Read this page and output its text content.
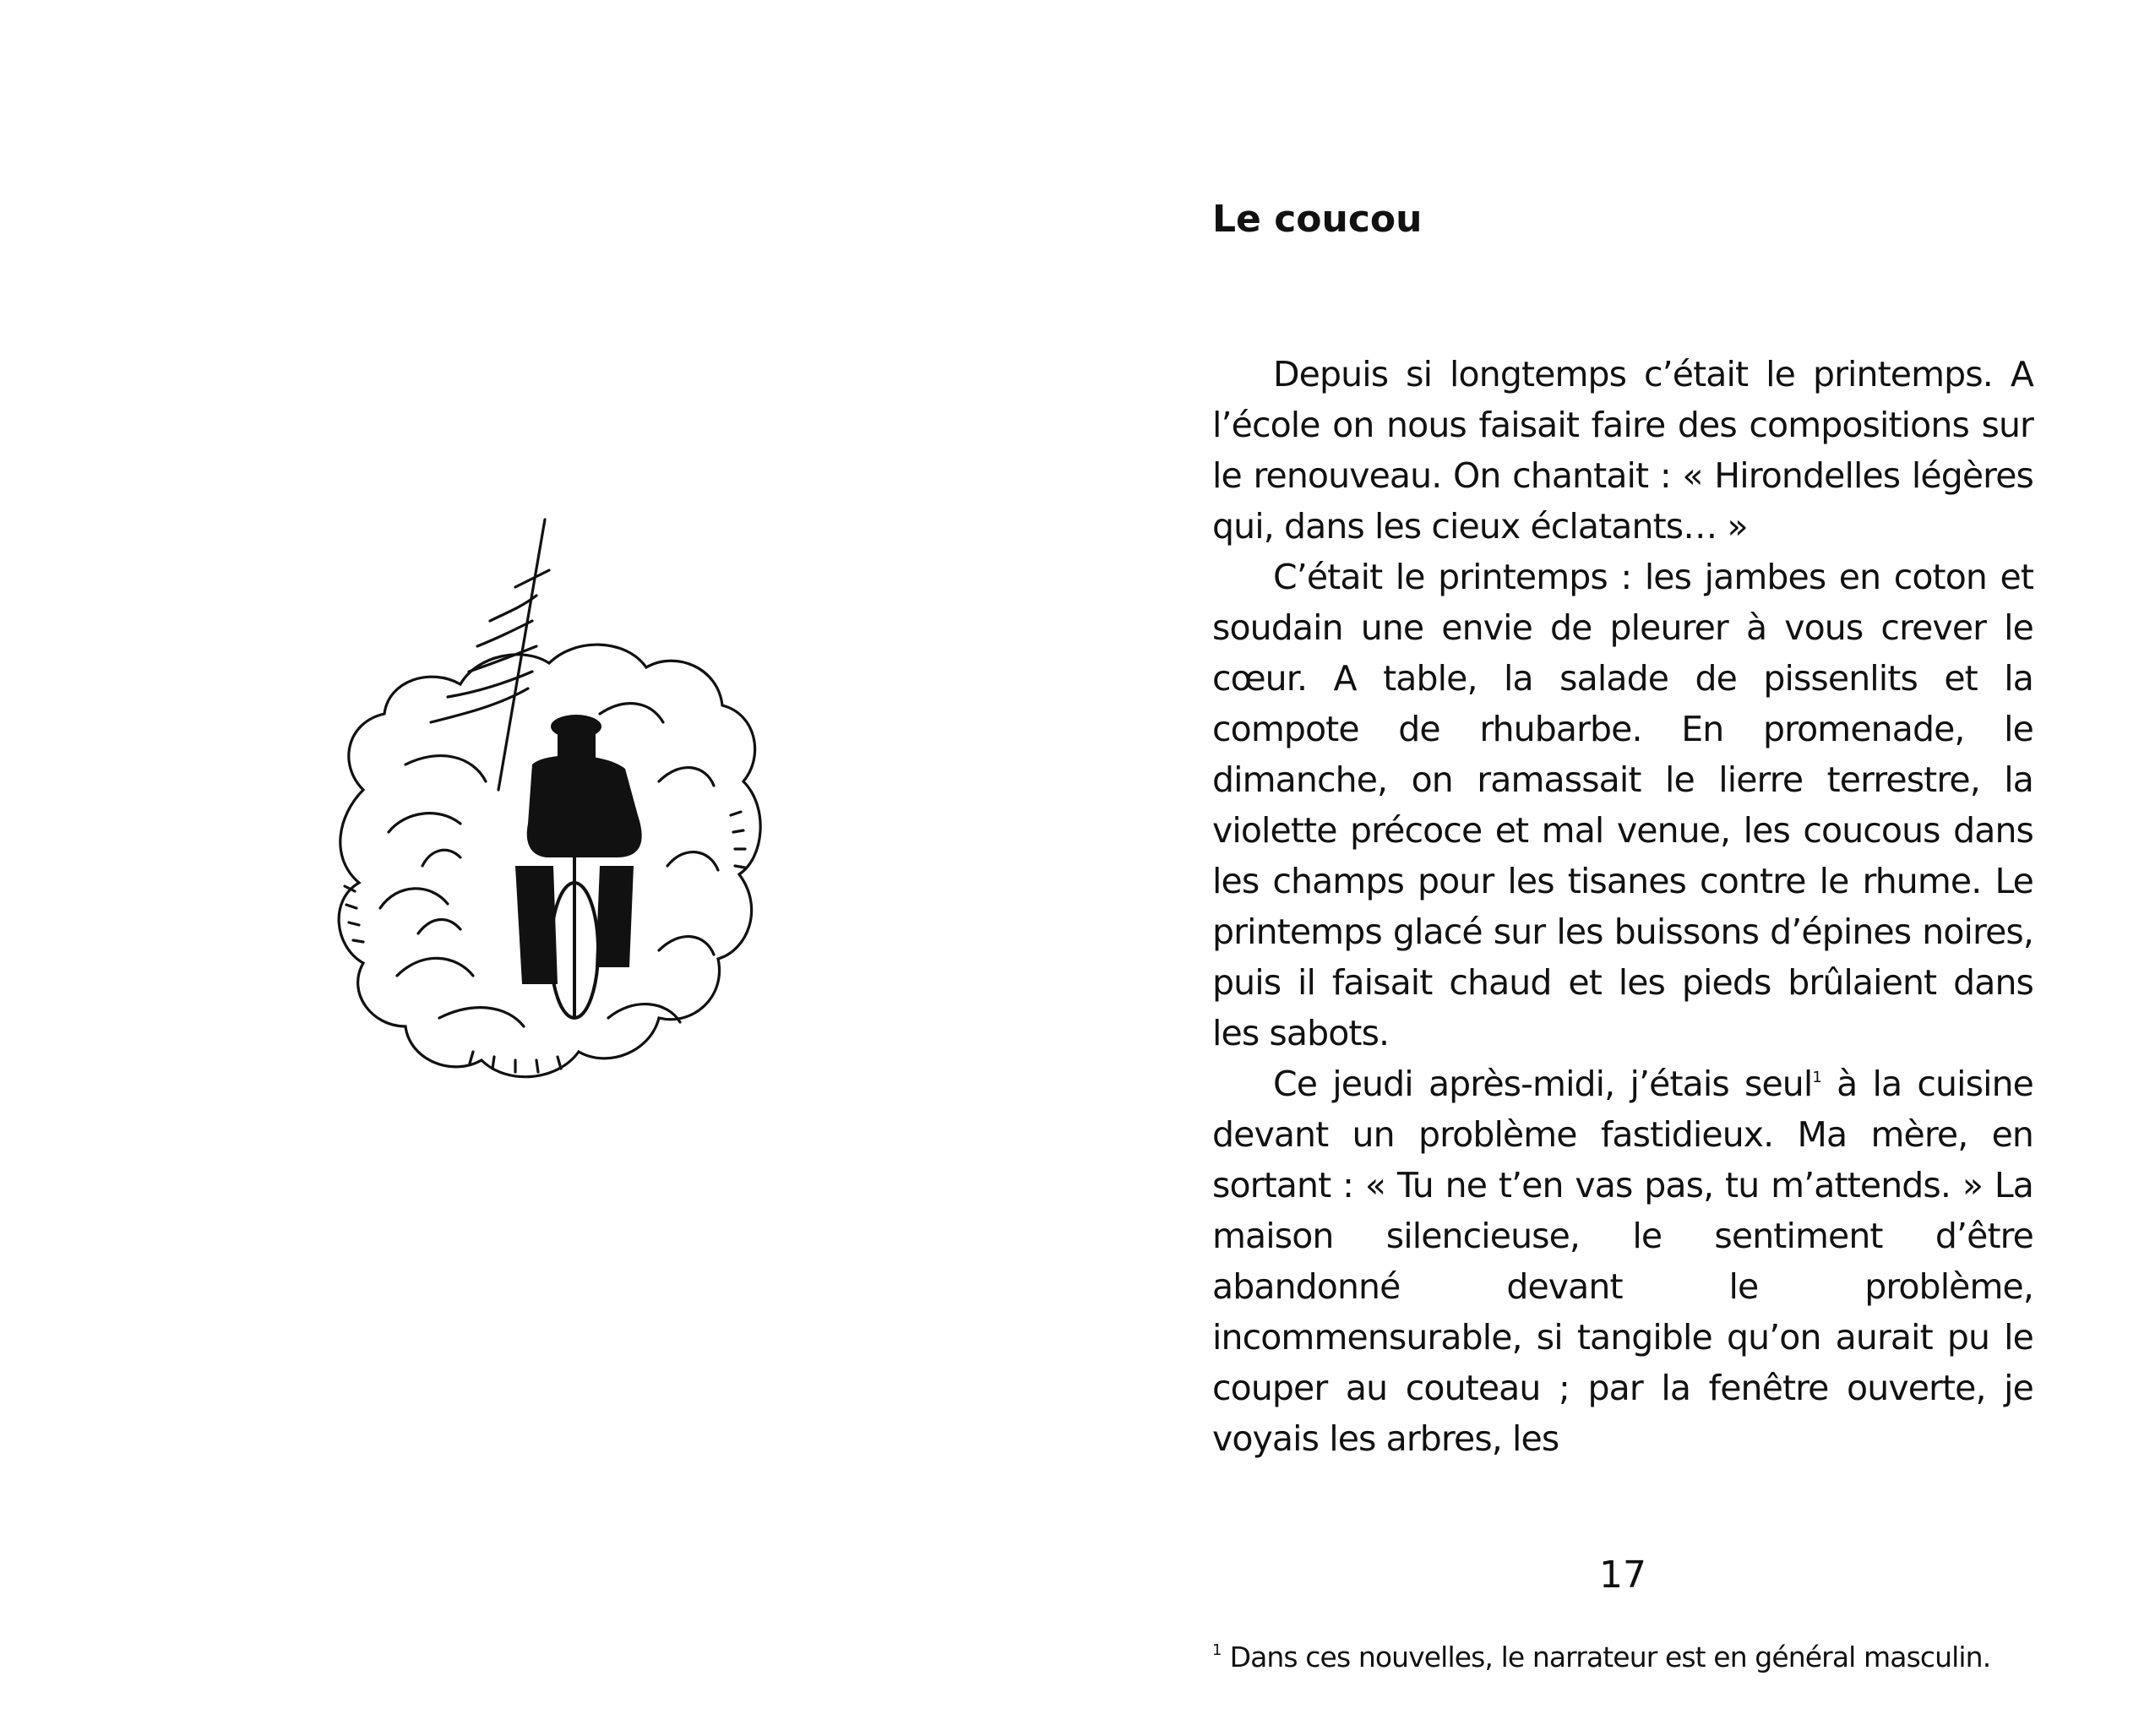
Le coucou

Depuis si longtemps c’était le printemps. A l’école on nous faisait faire des compositions sur le renouveau. On chantait : « Hirondelles légères qui, dans les cieux éclatants… »

C’était le printemps : les jambes en coton et soudain une envie de pleurer à vous crever le cœur. A table, la salade de pissenlits et la compote de rhubarbe. En promenade, le dimanche, on ramassait le lierre terrestre, la violette précoce et mal venue, les coucous dans les champs pour les tisanes contre le rhume. Le printemps glacé sur les buissons d’épines noires, puis il faisait chaud et les pieds brûlaient dans les sabots.

Ce jeudi après-midi, j’étais seul$^1$ à la cuisine devant un problème fastidieux. Ma mère, en sortant : « Tu ne t’en vas pas, tu m’attends. » La maison silencieuse, le sentiment d’être abandonné devant le problème, incommensurable, si tangible qu’on aurait pu le couper au couteau ; par la fenêtre ouverte, je voyais les arbres, les

17
$^1$ Dans ces nouvelles, le narrateur est en général masculin.
